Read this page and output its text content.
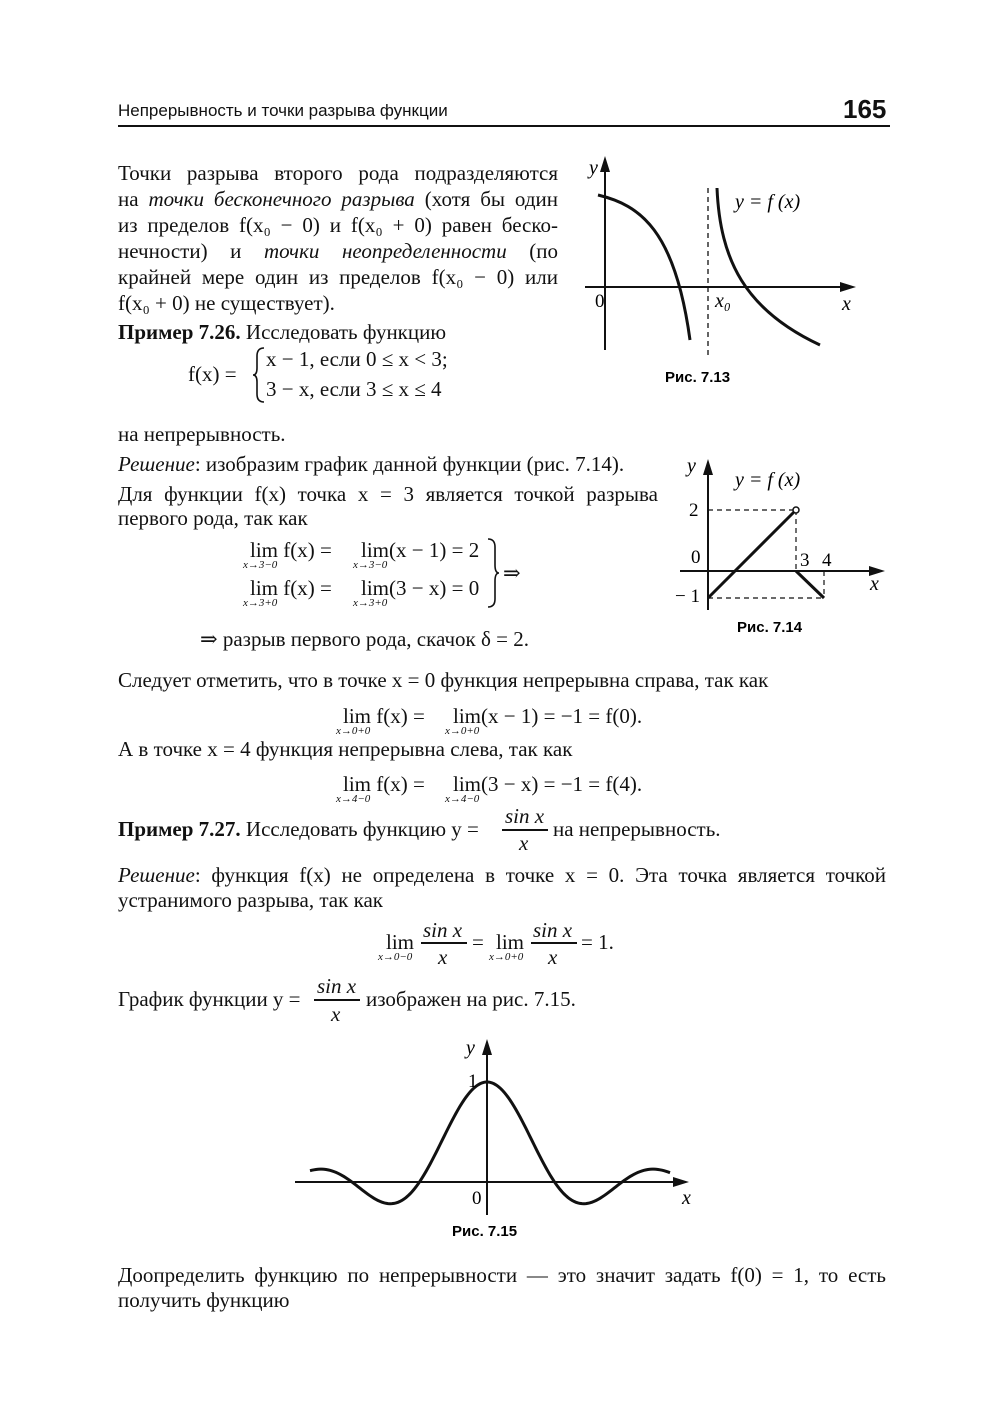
Непрерывность и точки разрыва функции	165
Точки разрыва второго рода подразделяются
на точки бесконечного разрыва (хотя бы один
из пределов f(x₀ − 0) и f(x₀ + 0) равен беско-
нечности) и точки неопределенности (по
крайней мере один из пределов f(x₀ − 0) или
f(x₀ + 0) не существует).
Пример 7.26. Исследовать функцию
f(x) =
x − 1, если 0 ≤ x < 3;
3 − x, если 3 ≤ x ≤ 4
на непрерывность.
Решение: изобразим график данной функции (рис. 7.14).
Для функции f(x) точка x = 3 является точкой разрыва
первого рода, так как
lim f(x) =
x→3−0
lim(x − 1) = 2
x→3−0
lim f(x) =
x→3+0
lim(3 − x) = 0
x→3+0
⇒
⇒ разрыв первого рода, скачок δ = 2.
Следует отметить, что в точке x = 0 функция непрерывна справа, так как
lim f(x) =
x→0+0
lim(x − 1) = −1 = f(0).
x→0+0
А в точке x = 4 функция непрерывна слева, так как
lim f(x) =
x→4−0
lim(3 − x) = −1 = f(4).
x→4−0
Пример 7.27. Исследовать функцию y =
sin x
x
на непрерывность.
Решение: функция f(x) не определена в точке x = 0. Эта точка является точкой
устранимого разрыва, так как
lim
x→0−0
sin x
x
= lim
x→0+0
sin x
x
= 1.
График функции y =
sin x
x
изображен на рис. 7.15.
Доопределить функцию по непрерывности — это значит задать f(0) = 1, то есть
получить функцию
y
x
0	x₀
y = f (x)
Рис. 7.13
y
x
y = f (x)
2
0	3 4
− 1
Рис. 7.14
y
x
1
0
Рис. 7.15
